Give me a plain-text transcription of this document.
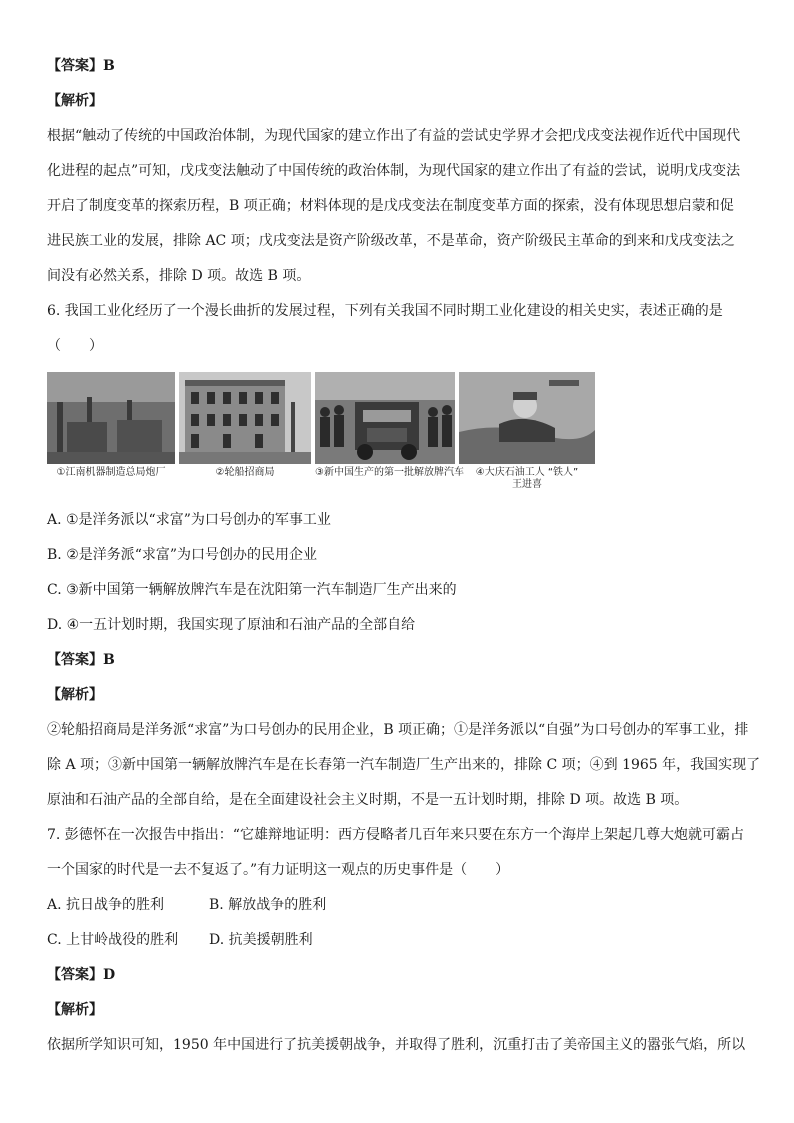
【答案】B
【解析】
根据“触动了传统的中国政治体制，为现代国家的建立作出了有益的尝试史学界才会把戊戌变法视作近代中国现代
化进程的起点”可知，戊戌变法触动了中国传统的政治体制，为现代国家的建立作出了有益的尝试，说明戊戌变法
开启了制度变革的探索历程，B 项正确；材料体现的是戊戌变法在制度变革方面的探索，没有体现思想启蒙和促
进民族工业的发展，排除 AC 项；戊戌变法是资产阶级改革，不是革命，资产阶级民主革命的到来和戊戌变法之
间没有必然关系，排除 D 项。故选 B 项。
6. 我国工业化经历了一个漫长曲折的发展过程，下列有关我国不同时期工业化建设的相关史实，表述正确的是
（　　）
①江南机器制造总局炮厂	②轮船招商局	③新中国生产的第一批解放牌汽车	④大庆石油工人 “铁人”
王进喜
A. ①是洋务派以“求富”为口号创办的军事工业
B. ②是洋务派“求富”为口号创办的民用企业
C. ③新中国第一辆解放牌汽车是在沈阳第一汽车制造厂生产出来的
D. ④一五计划时期，我国实现了原油和石油产品的全部自给
【答案】B
【解析】
②轮船招商局是洋务派“求富”为口号创办的民用企业，B 项正确；①是洋务派以“自强”为口号创办的军事工业，排
除 A 项；③新中国第一辆解放牌汽车是在长春第一汽车制造厂生产出来的，排除 C 项；④到 1965 年，我国实现了
原油和石油产品的全部自给，是在全面建设社会主义时期，不是一五计划时期，排除 D 项。故选 B 项。
7. 彭德怀在一次报告中指出：“它雄辩地证明：西方侵略者几百年来只要在东方一个海岸上架起几尊大炮就可霸占
一个国家的时代是一去不复返了。”有力证明这一观点的历史事件是（　　）
A. 抗日战争的胜利	B. 解放战争的胜利
C. 上甘岭战役的胜利 D. 抗美援朝胜利
【答案】D
【解析】
依据所学知识可知，1950 年中国进行了抗美援朝战争，并取得了胜利，沉重打击了美帝国主义的嚣张气焰，所以
